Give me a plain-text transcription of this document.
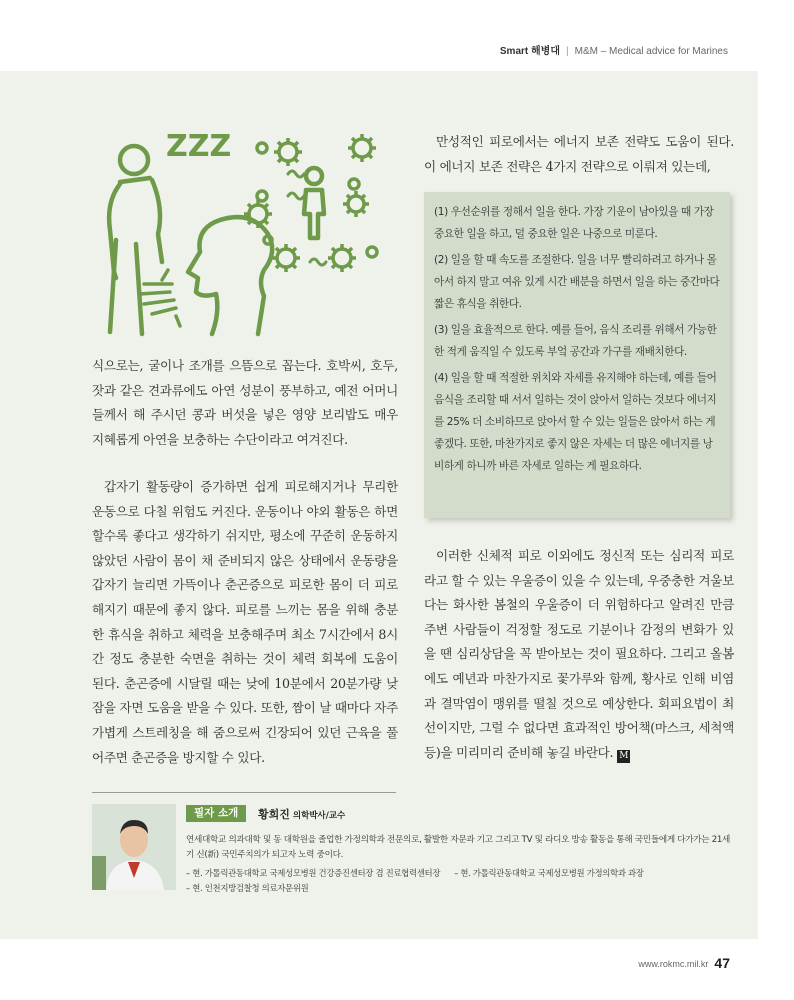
Smart 해병대 | M&M – Medical advice for Marines
ZZZ

식으로는, 굴이나 조개를 으뜸으로 꼽는다. 호박씨, 호두, 잣과 같은 견과류에도 아연 성분이 풍부하고, 예전 어머니들께서 해 주시던 콩과 버섯을 넣은 영양 보리밥도 매우 지혜롭게 아연을 보충하는 수단이라고 여겨진다.

갑자기 활동량이 증가하면 쉽게 피로해지거나 무리한 운동으로 다칠 위험도 커진다. 운동이나 야외 활동은 하면 할수록 좋다고 생각하기 쉬지만, 평소에 꾸준히 운동하지 않았던 사람이 몸이 채 준비되지 않은 상태에서 운동량을 갑자기 늘리면 가뜩이나 춘곤증으로 피로한 몸이 더 피로해지기 때문에 좋지 않다. 피로를 느끼는 몸을 위해 충분한 휴식을 취하고 체력을 보충해주며 최소 7시간에서 8시간 정도 충분한 숙면을 취하는 것이 체력 회복에 도움이 된다. 춘곤증에 시달릴 때는 낮에 10분에서 20분가량 낮잠을 자면 도움을 받을 수 있다. 또한, 짬이 날 때마다 자주 가볍게 스트레칭을 해 줌으로써 긴장되어 있던 근육을 풀어주면 춘곤증을 방지할 수 있다.

만성적인 피로에서는 에너지 보존 전략도 도움이 된다. 이 에너지 보존 전략은 4가지 전략으로 이뤄져 있는데,

(1) 우선순위를 정해서 일을 한다. 가장 기운이 남아있을 때 가장 중요한 일을 하고, 덜 중요한 일은 나중으로 미룬다.
(2) 일을 할 때 속도를 조절한다. 일을 너무 빨리하려고 하거나 몰아서 하지 말고 여유 있게 시간 배분을 하면서 일을 하는 중간마다 짧은 휴식을 취한다.
(3) 일을 효율적으로 한다. 예를 들어, 음식 조리를 위해서 가능한 한 적게 움직일 수 있도록 부엌 공간과 가구를 재배치한다.
(4) 일을 할 때 적절한 위치와 자세를 유지해야 하는데, 예를 들어 음식을 조리할 때 서서 일하는 것이 앉아서 일하는 것보다 에너지를 25% 더 소비하므로 앉아서 할 수 있는 일들은 앉아서 하는 게 좋겠다. 또한, 마찬가지로 좋지 않은 자세는 더 많은 에너지를 낭비하게 하니까 바른 자세로 일하는 게 필요하다.

이러한 신체적 피로 이외에도 정신적 또는 심리적 피로라고 할 수 있는 우울증이 있을 수 있는데, 우중충한 겨울보다는 화사한 봄철의 우울증이 더 위험하다고 알려진 만큼 주변 사람들이 걱정할 정도로 기분이나 감정의 변화가 있을 땐 심리상담을 꼭 받아보는 것이 필요하다. 그리고 올봄에도 예년과 마찬가지로 꽃가루와 함께, 황사로 인해 비염과 결막염이 맹위를 떨칠 것으로 예상한다. 회피요법이 최선이지만, 그럴 수 없다면 효과적인 방어책(마스크, 세척액 등)을 미리미리 준비해 놓길 바란다. M

필자 소개	황희진 의학박사/교수
연세대학교 의과대학 및 동 대학원을 졸업한 가정의학과 전문의로, 활발한 자문과 기고 그리고 TV 및 라디오 방송 활동을 통해 국민들에게 다가가는 21세기 신(新) 국민주치의가 되고자 노력 중이다.
– 현. 가톨릭관동대학교 국제성모병원 건강증진센터장 겸 진료협력센터장 – 현. 가톨릭관동대학교 국제성모병원 가정의학과 과장
– 현. 인천지방검찰청 의료자문위원
www.rokmc.mil.kr 47
